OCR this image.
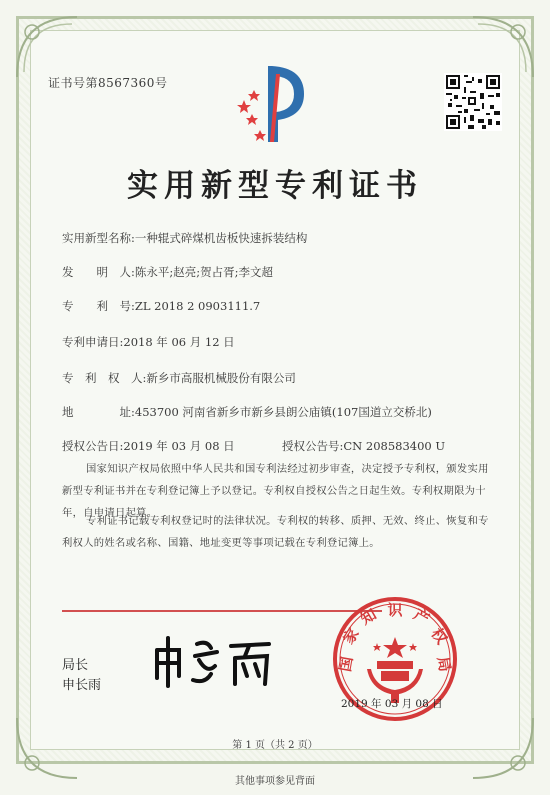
证书号第8567360号
实用新型专利证书
实用新型名称:一种辊式碎煤机齿板快速拆装结构
发　　明　人:陈永平;赵亮;贺占胥;李文超
专　　利　号:ZL 2018 2 0903111.7
专利申请日:2018 年 06 月 12 日
专　利　权　人:新乡市高服机械股份有限公司
地　　　　址:453700 河南省新乡市新乡县朗公庙镇(107国道立交桥北)
授权公告日:2019 年 03 月 08 日	授权公告号:CN 208583400 U
国家知识产权局依照中华人民共和国专利法经过初步审查，决定授予专利权，颁发实用新型专利证书并在专利登记簿上予以登记。专利权自授权公告之日起生效。专利权期限为十年，自申请日起算。
专利证书记载专利权登记时的法律状况。专利权的转移、质押、无效、终止、恢复和专利权人的姓名或名称、国籍、地址变更等事项记载在专利登记簿上。
局长
申长雨
国
家
知 识 产
权
局
2019 年 03 月 08 日
第 1 页（共 2 页）
其他事项参见背面
